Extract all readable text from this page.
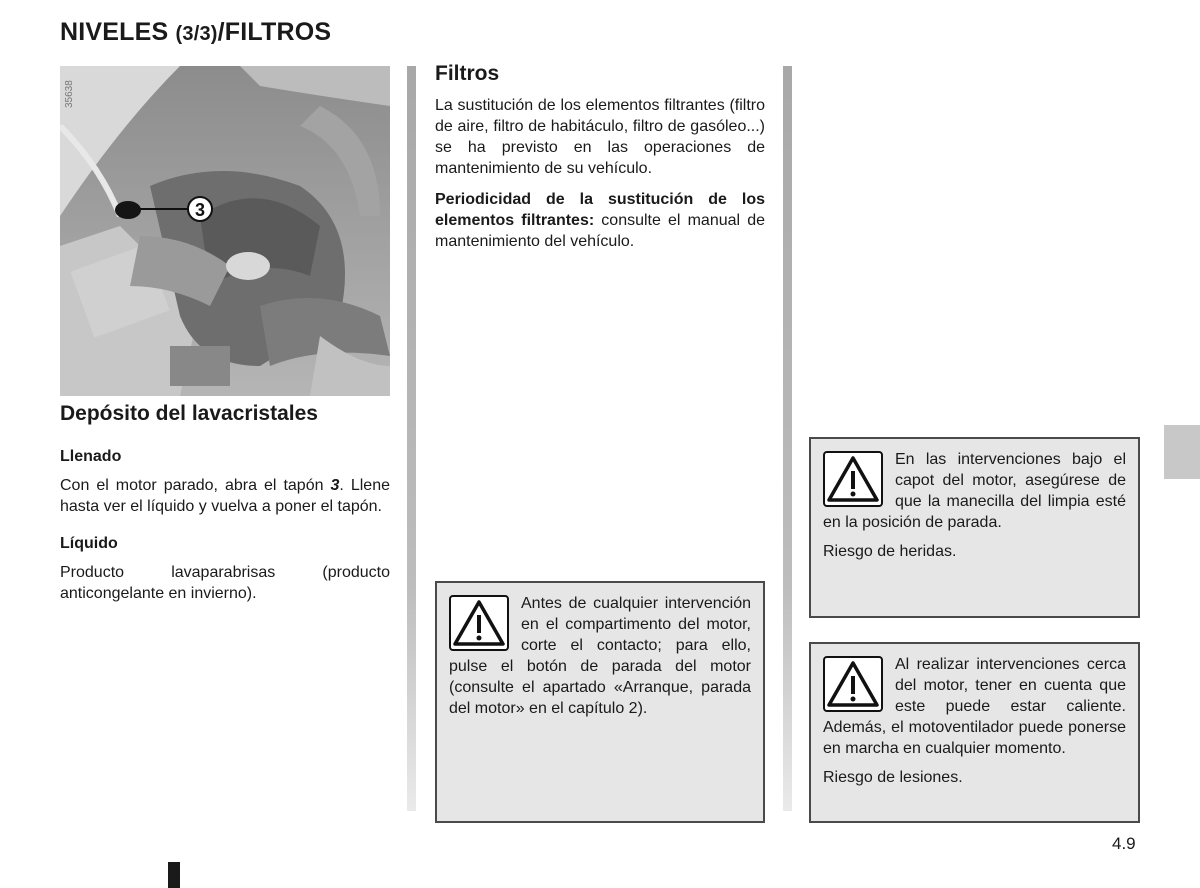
NIVELES (3/3)/FILTROS
3
35638
Depósito del lavacristales
Llenado

Con el motor parado, abra el tapón 3. Llene hasta ver el líquido y vuelva a poner el tapón.

Líquido

Producto lavaparabrisas (producto anticongelante en invierno).

Filtros

La sustitución de los elementos filtrantes (filtro de aire, filtro de habitáculo, filtro de gasóleo...) se ha previsto en las operaciones de mantenimiento de su vehículo.

Periodicidad de la sustitución de los elementos filtrantes: consulte el manual de mantenimiento del vehículo.

Antes de cualquier intervención en el compartimento del motor, corte el contacto; para ello, pulse el botón de parada del motor (consulte el apartado «Arranque, parada del motor» en el capítulo 2).

En las intervenciones bajo el capot del motor, asegúrese de que la manecilla del limpia esté en la posición de parada.

Riesgo de heridas.

Al realizar intervenciones cerca del motor, tener en cuenta que este puede estar caliente. Además, el motoventilador puede ponerse en marcha en cualquier momento.

Riesgo de lesiones.

4.9
